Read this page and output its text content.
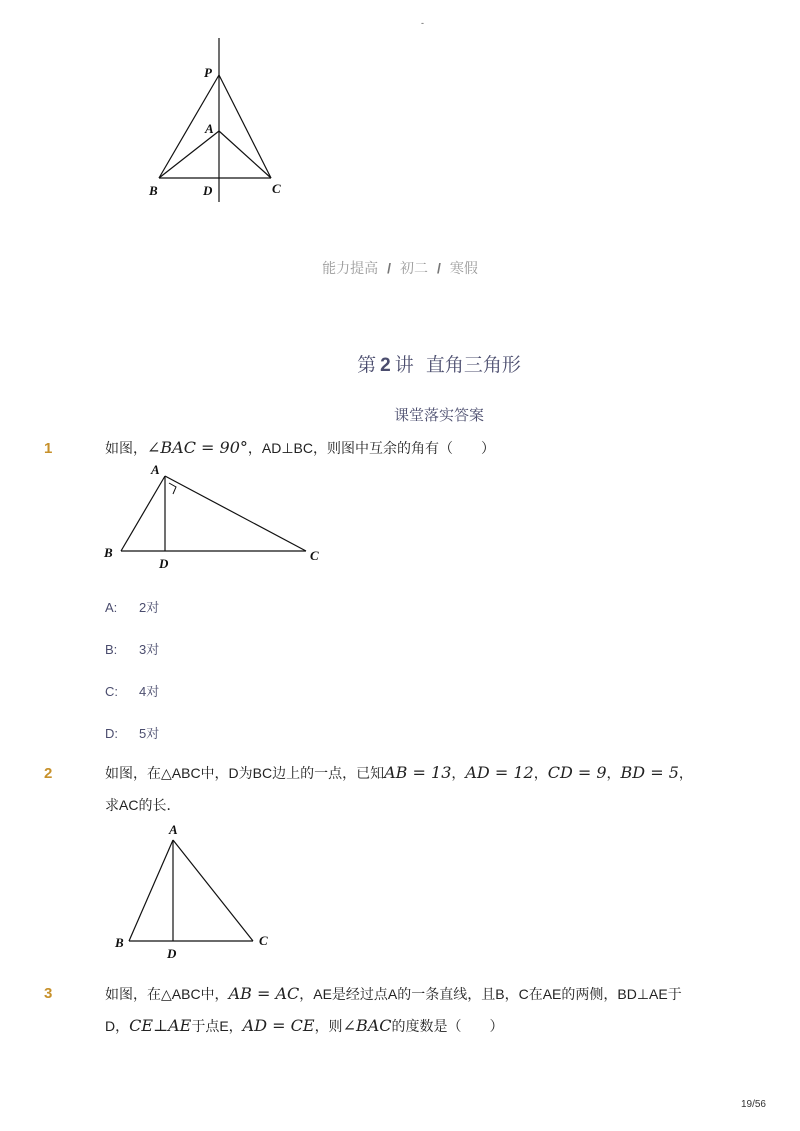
-
P
A
B	D	C
能力提高 / 初二 / 寒假
第 2 讲 直角三角形
课堂落实答案
1	如图，∠BAC = 90°，AD⊥BC，则图中互余的角有（　　）
A
B
D
C
A: 2对
B: 3对
C: 4对
D: 5对
2	如图，在△ABC中，D为BC边上的一点，已知AB = 13，AD = 12，CD = 9，BD = 5，
求AC的长．
A
B
D
C
3	如图，在△ABC中，AB = AC，AE是经过点A的一条直线，且B，C在AE的两侧，BD⊥AE于
D，CE⊥AE于点E，AD = CE，则∠BAC的度数是（　　）
19/56
